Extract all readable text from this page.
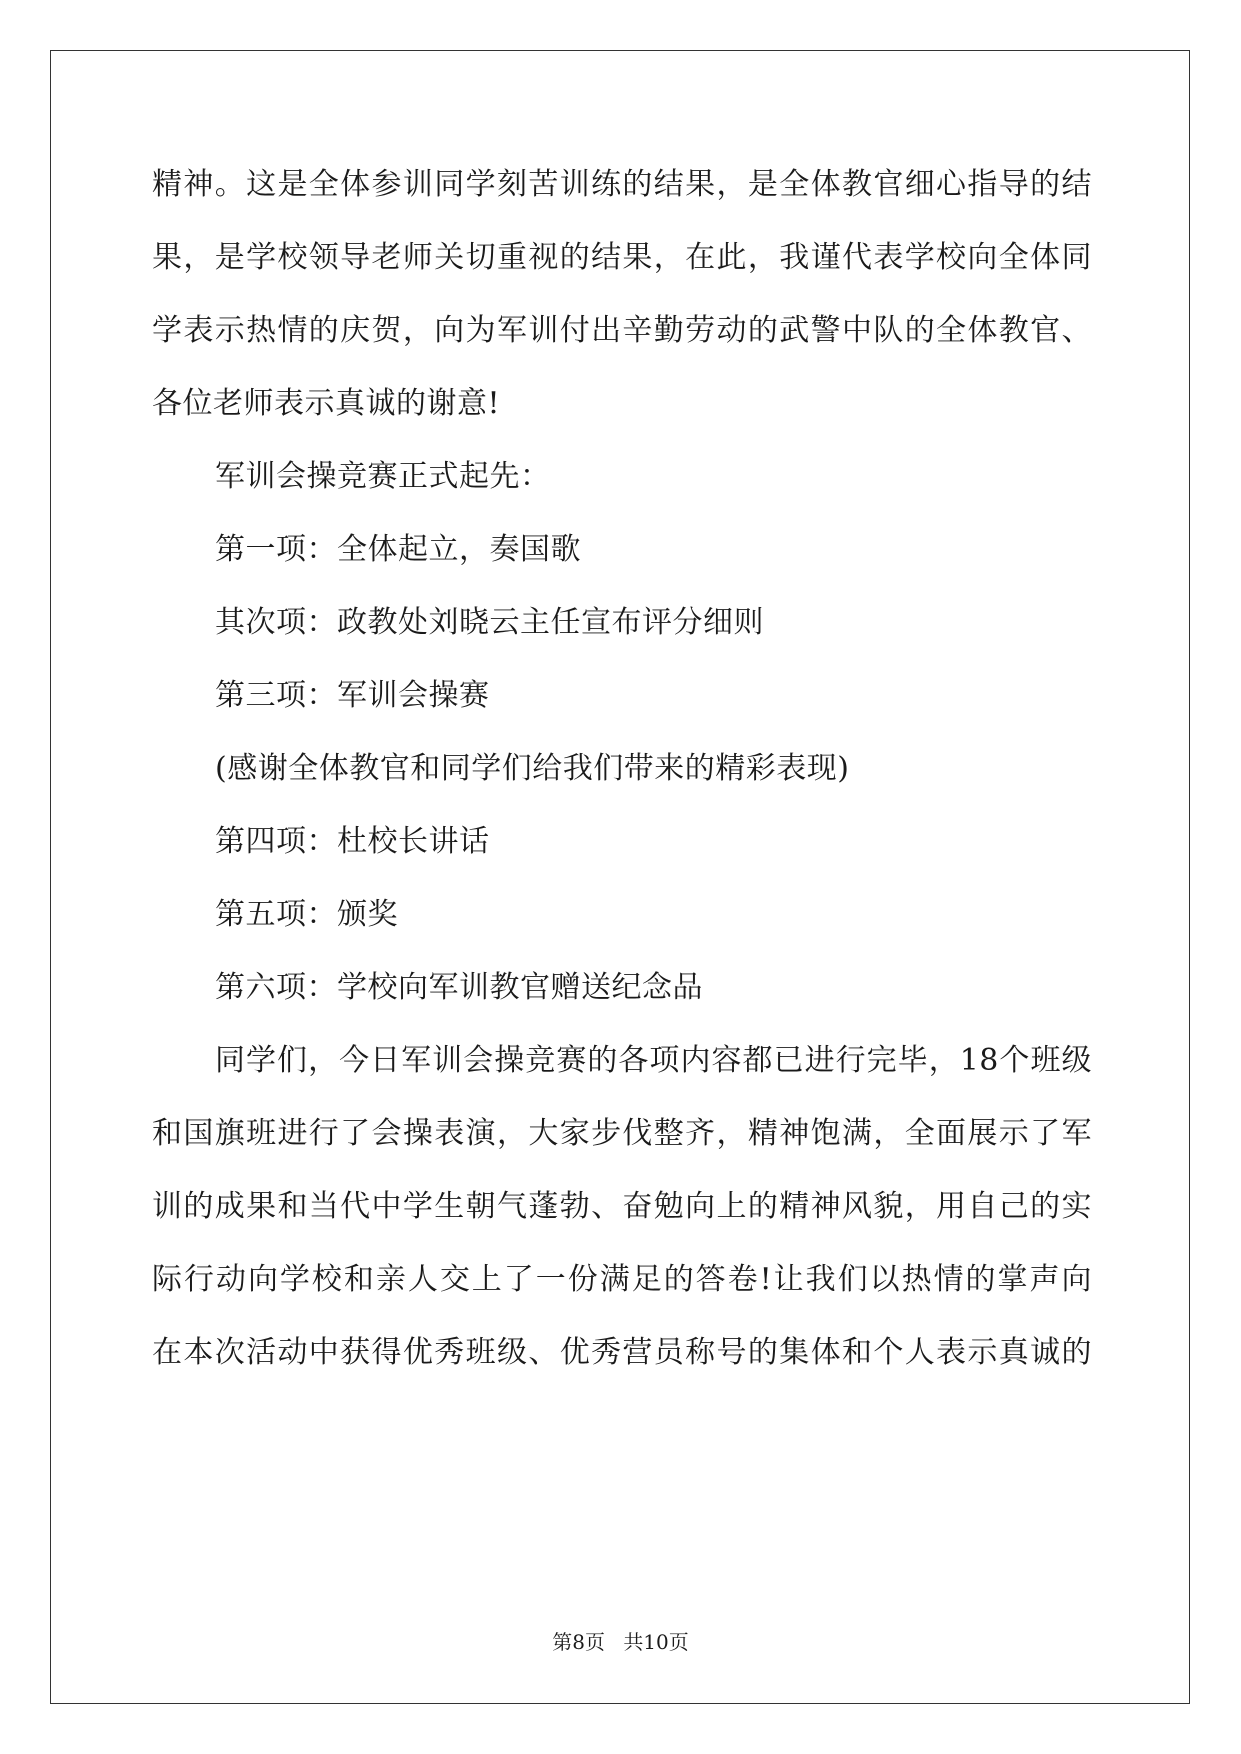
精神。这是全体参训同学刻苦训练的结果，是全体教官细心指导的结
果，是学校领导老师关切重视的结果，在此，我谨代表学校向全体同
学表示热情的庆贺，向为军训付出辛勤劳动的武警中队的全体教官、
各位老师表示真诚的谢意!
军训会操竞赛正式起先：
第一项：全体起立，奏国歌
其次项：政教处刘晓云主任宣布评分细则
第三项：军训会操赛
(感谢全体教官和同学们给我们带来的精彩表现)
第四项：杜校长讲话
第五项：颁奖
第六项：学校向军训教官赠送纪念品
同学们，今日军训会操竞赛的各项内容都已进行完毕，18个班级
和国旗班进行了会操表演，大家步伐整齐，精神饱满，全面展示了军
训的成果和当代中学生朝气蓬勃、奋勉向上的精神风貌，用自己的实
际行动向学校和亲人交上了一份满足的答卷!让我们以热情的掌声向
在本次活动中获得优秀班级、优秀营员称号的集体和个人表示真诚的
第8页 共10页
